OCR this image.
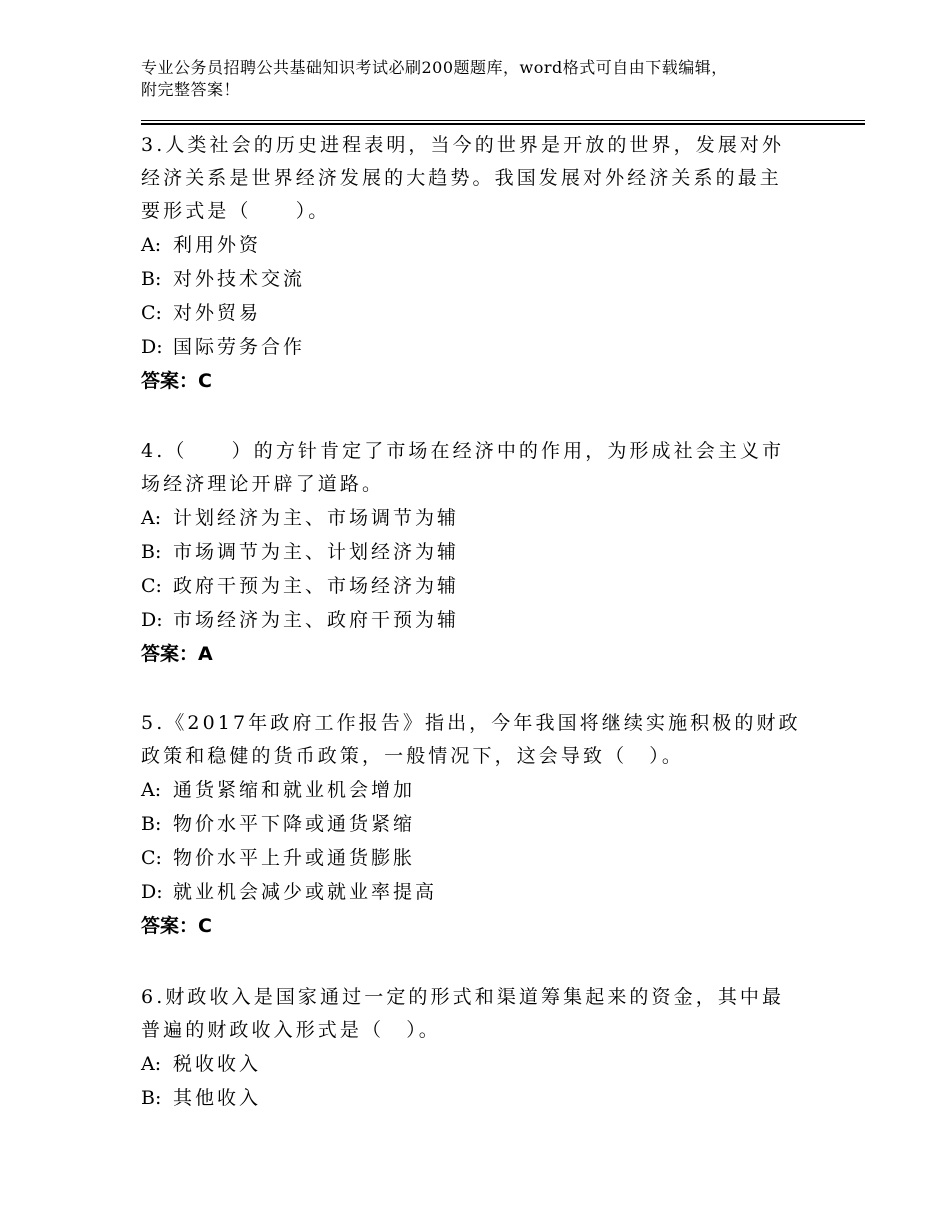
专业公务员招聘公共基础知识考试必刷200题题库，word格式可自由下载编辑，
附完整答案！

3.人类社会的历史进程表明，当今的世界是开放的世界，发展对外经济关系是世界经济发展的大趋势。我国发展对外经济关系的最主要形式是（　　）。

A: 利用外资
B: 对外技术交流
C: 对外贸易
D: 国际劳务合作
答案：C

4.（　　）的方针肯定了市场在经济中的作用，为形成社会主义市场经济理论开辟了道路。

A: 计划经济为主、市场调节为辅
B: 市场调节为主、计划经济为辅
C: 政府干预为主、市场经济为辅
D: 市场经济为主、政府干预为辅
答案：A

5.《2017年政府工作报告》指出，今年我国将继续实施积极的财政政策和稳健的货币政策，一般情况下，这会导致（　）。

A: 通货紧缩和就业机会增加
B: 物价水平下降或通货紧缩
C: 物价水平上升或通货膨胀
D: 就业机会减少或就业率提高
答案：C

6.财政收入是国家通过一定的形式和渠道筹集起来的资金，其中最普遍的财政收入形式是（　）。

A: 税收收入
B: 其他收入
